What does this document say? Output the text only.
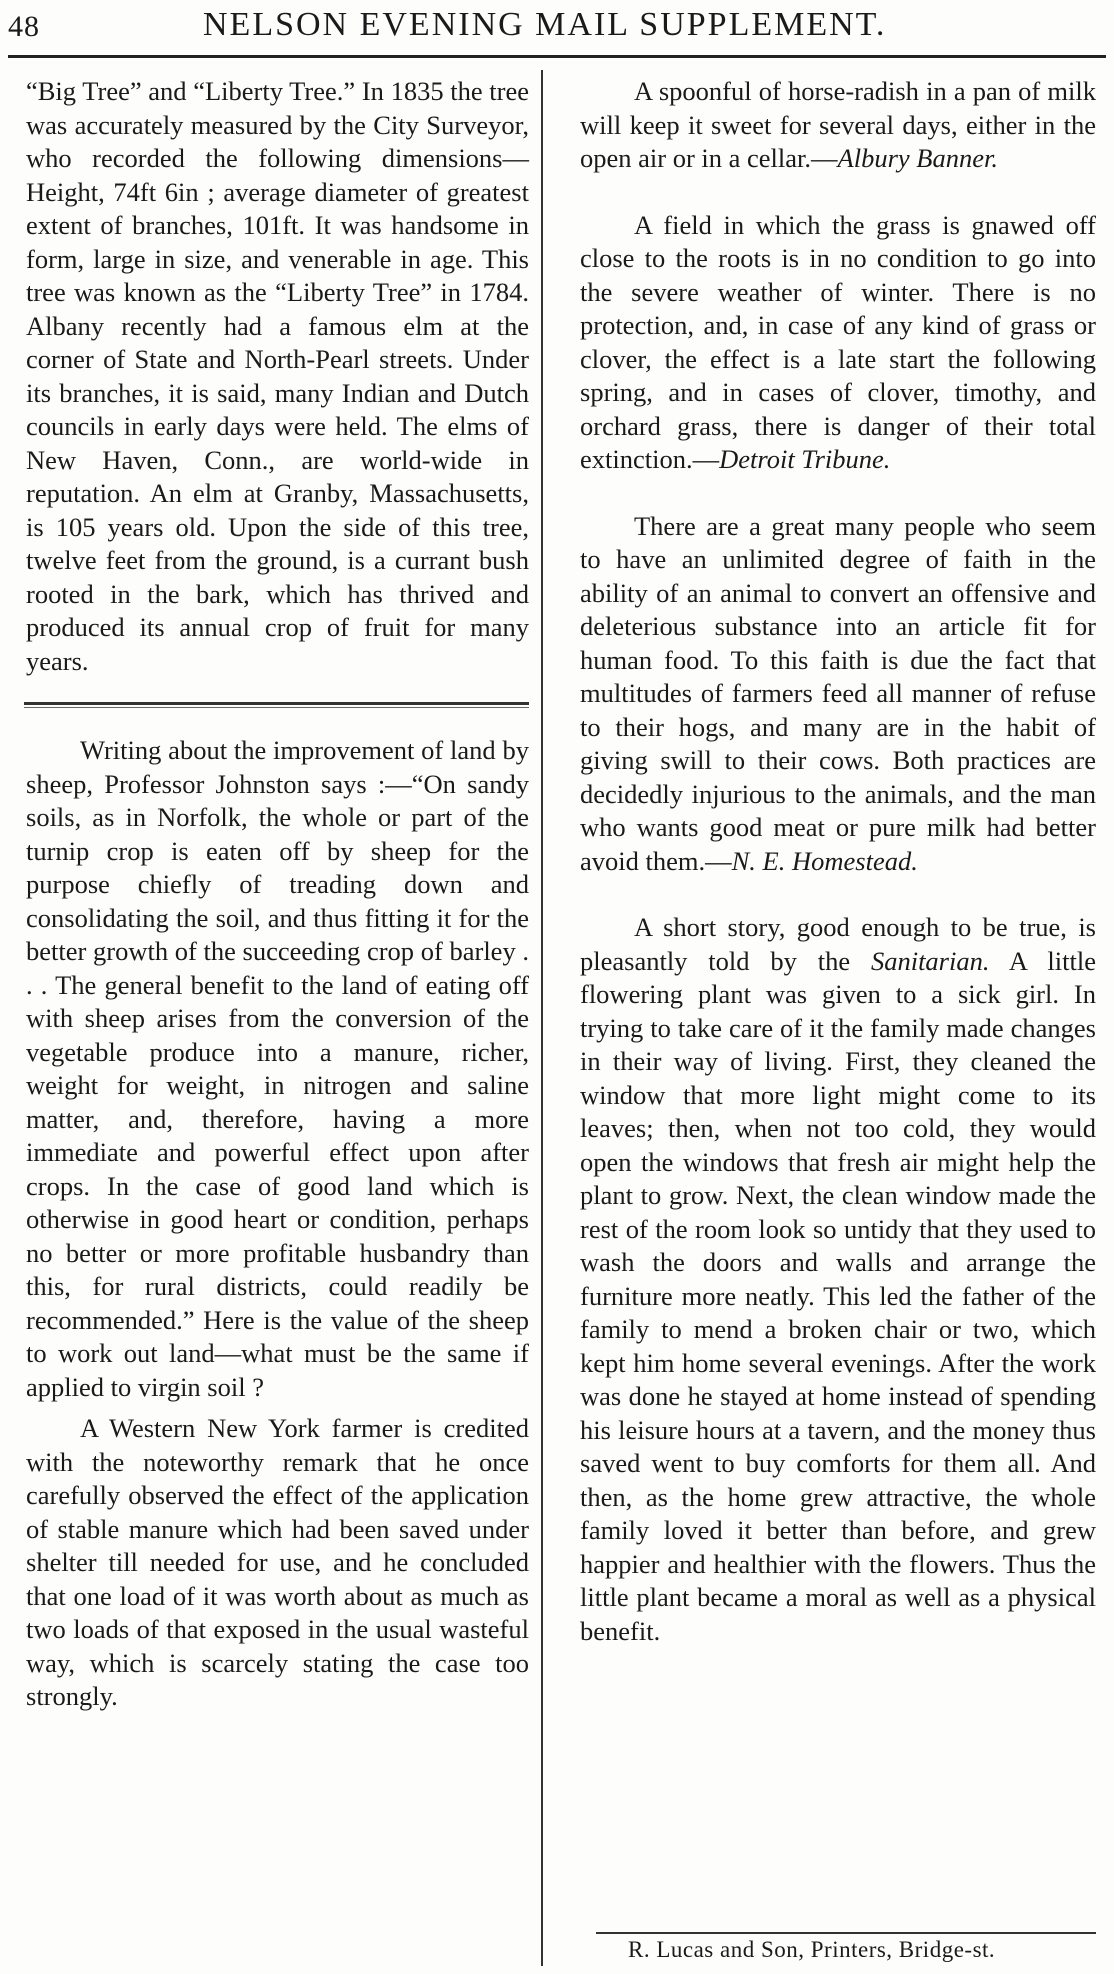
48	NELSON EVENING MAIL SUPPLEMENT.

“Big Tree” and “Liberty Tree.” In 1835 the tree was accurately measured by the City Surveyor, who recorded the following dimensions—Height, 74ft 6in ; average diameter of greatest extent of branches, 101ft. It was handsome in form, large in size, and venerable in age. This tree was known as the “Liberty Tree” in 1784. Albany recently had a famous elm at the corner of State and North-Pearl streets. Under its branches, it is said, many Indian and Dutch councils in early days were held. The elms of New Haven, Conn., are world-wide in reputation. An elm at Granby, Massachusetts, is 105 years old. Upon the side of this tree, twelve feet from the ground, is a currant bush rooted in the bark, which has thrived and produced its annual crop of fruit for many years.

Writing about the improvement of land by sheep, Professor Johnston says :—“On sandy soils, as in Norfolk, the whole or part of the turnip crop is eaten off by sheep for the purpose chiefly of treading down and consolidating the soil, and thus fitting it for the better growth of the succeeding crop of barley . . . The general benefit to the land of eating off with sheep arises from the conversion of the vegetable produce into a manure, richer, weight for weight, in nitrogen and saline matter, and, therefore, having a more immediate and powerful effect upon after crops. In the case of good land which is otherwise in good heart or condition, perhaps no better or more profitable husbandry than this, for rural districts, could readily be recommended.” Here is the value of the sheep to work out land—what must be the same if applied to virgin soil ?

A Western New York farmer is credited with the noteworthy remark that he once carefully observed the effect of the application of stable manure which had been saved under shelter till needed for use, and he concluded that one load of it was worth about as much as two loads of that exposed in the usual wasteful way, which is scarcely stating the case too strongly.

A spoonful of horse-radish in a pan of milk will keep it sweet for several days, either in the open air or in a cellar.—Albury Banner.

A field in which the grass is gnawed off close to the roots is in no condition to go into the severe weather of winter. There is no protection, and, in case of any kind of grass or clover, the effect is a late start the following spring, and in cases of clover, timothy, and orchard grass, there is danger of their total extinction.—Detroit Tribune.

There are a great many people who seem to have an unlimited degree of faith in the ability of an animal to convert an offensive and deleterious substance into an article fit for human food. To this faith is due the fact that multitudes of farmers feed all manner of refuse to their hogs, and many are in the habit of giving swill to their cows. Both practices are decidedly injurious to the animals, and the man who wants good meat or pure milk had better avoid them.—N. E. Homestead.

A short story, good enough to be true, is pleasantly told by the Sanitarian. A little flowering plant was given to a sick girl. In trying to take care of it the family made changes in their way of living. First, they cleaned the window that more light might come to its leaves; then, when not too cold, they would open the windows that fresh air might help the plant to grow. Next, the clean window made the rest of the room look so untidy that they used to wash the doors and walls and arrange the furniture more neatly. This led the father of the family to mend a broken chair or two, which kept him home several evenings. After the work was done he stayed at home instead of spending his leisure hours at a tavern, and the money thus saved went to buy comforts for them all. And then, as the home grew attractive, the whole family loved it better than before, and grew happier and healthier with the flowers. Thus the little plant became a moral as well as a physical benefit.

R. Lucas and Son, Printers, Bridge-st.
